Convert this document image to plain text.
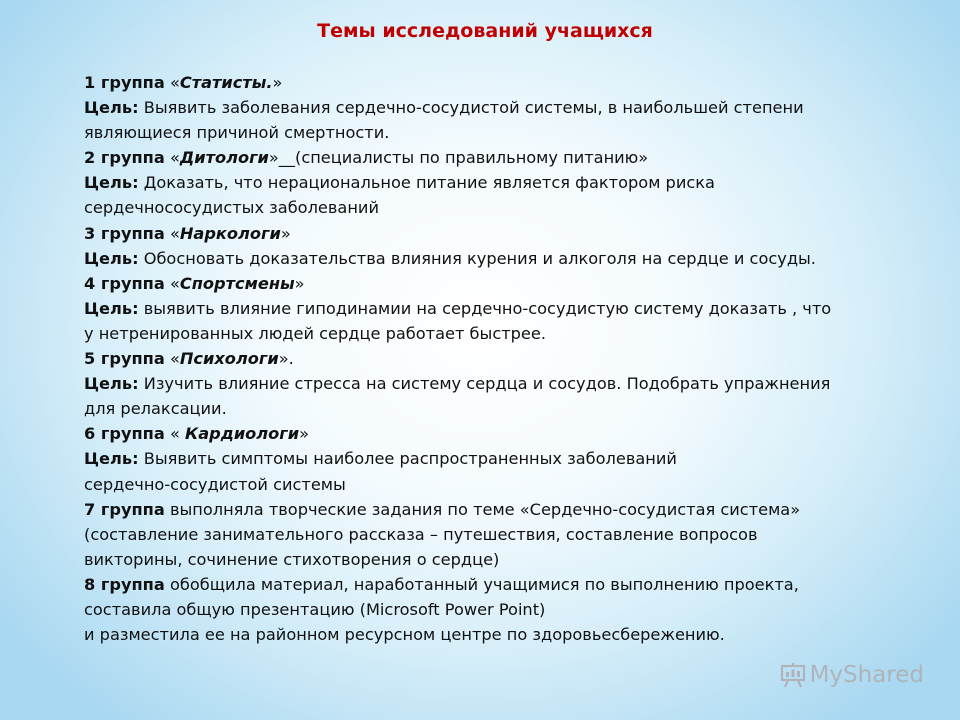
Темы исследований учащихся
1 группа «Статисты.»
Цель: Выявить заболевания сердечно-сосудистой системы, в наибольшей степени
являющиеся причиной смертности.
2 группа «Дитологи»__(специалисты по правильному питанию»
Цель: Доказать, что нерациональное питание является фактором риска
сердечнососудистых заболеваний
3 группа «Наркологи»
Цель: Обосновать доказательства влияния курения и алкоголя на сердце и сосуды.
4 группа «Спортсмены»
Цель: выявить влияние гиподинамии на сердечно-сосудистую систему доказать , что
у нетренированных людей сердце работает быстрее.
5 группа «Психологи».
Цель: Изучить влияние стресса на систему сердца и сосудов. Подобрать упражнения
для релаксации.
6 группа « Кардиологи»
Цель: Выявить симптомы наиболее распространенных заболеваний
сердечно-сосудистой системы
7 группа выполняла творческие задания по теме «Сердечно-сосудистая система»
(составление занимательного рассказа – путешествия, составление вопросов
викторины, сочинение стихотворения о сердце)
8 группа обобщила материал, наработанный учащимися по выполнению проекта,
составила общую презентацию (Microsoft Power Point)
и разместила ее на районном ресурсном центре по здоровьесбережению.
MyShared
